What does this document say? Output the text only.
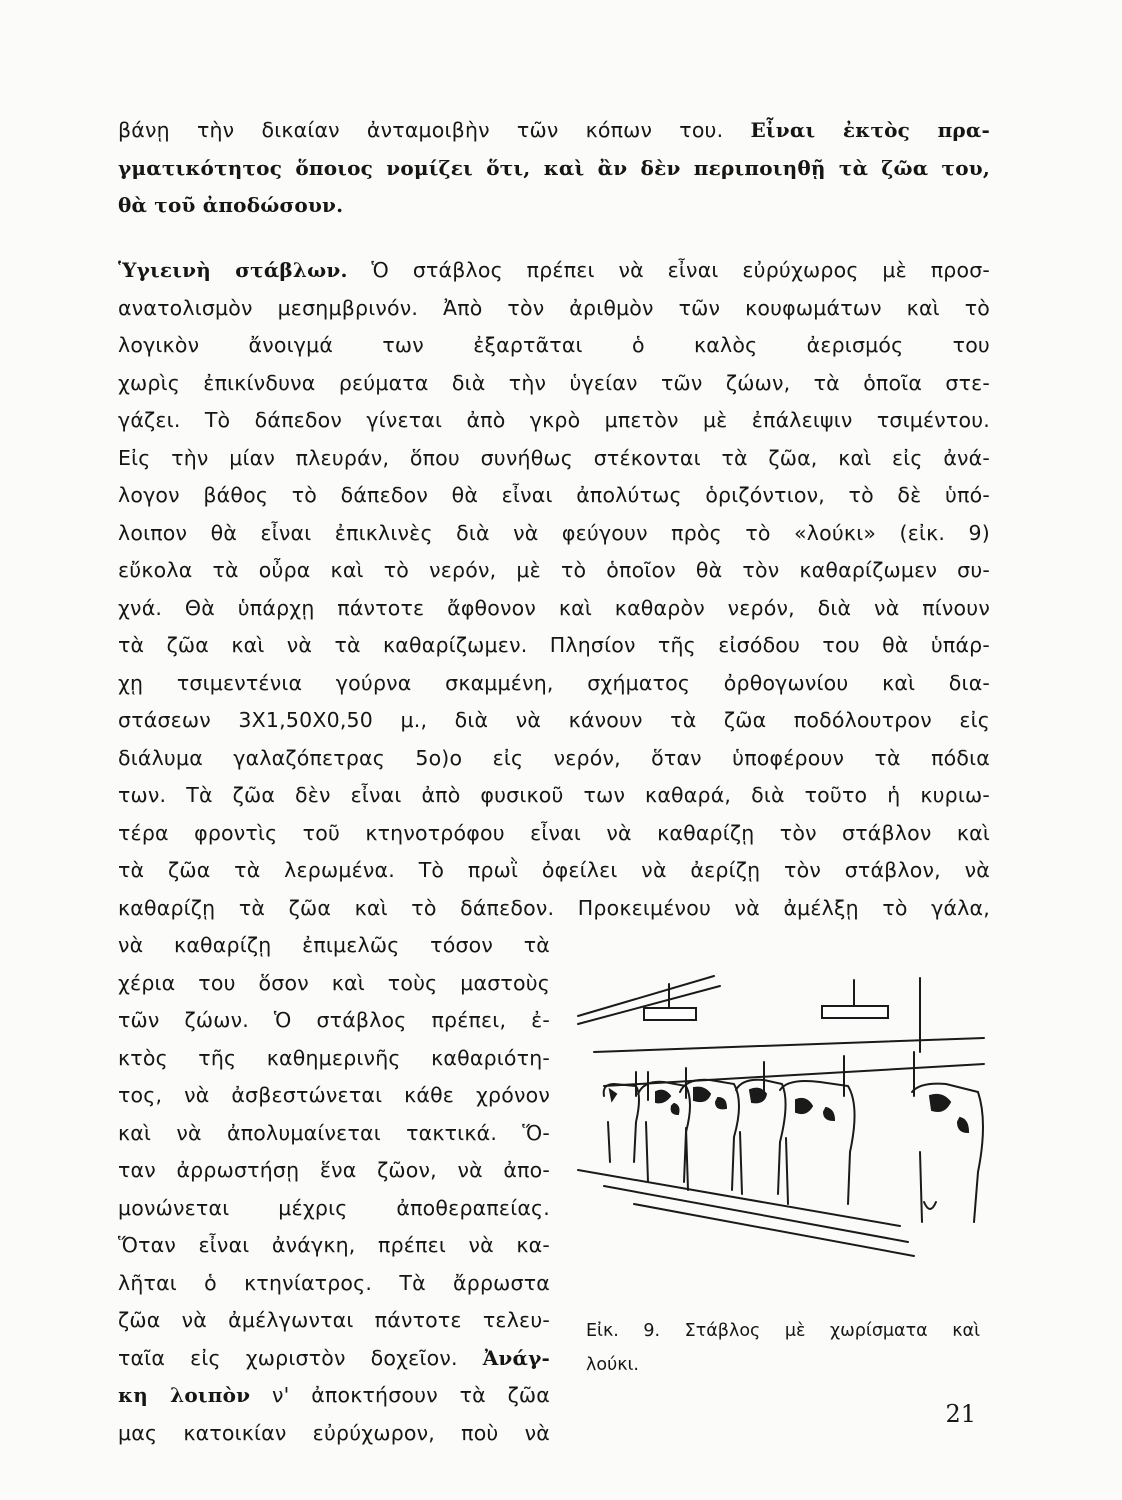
βάνῃ τὴν δικαίαν ἀνταμοιβὴν τῶν κόπων του. Εἶναι ἐκτὸς πρα-
γματικότητος ὅποιος νομίζει ὅτι, καὶ ἂν δὲν περιποιηθῇ τὰ ζῶα του,
θὰ τοῦ ἀποδώσουν.
Ὑγιεινὴ στάβλων. Ὁ στάβλος πρέπει νὰ εἶναι εὐρύχωρος μὲ προσ-
ανατολισμὸν μεσημβρινόν. Ἀπὸ τὸν ἀριθμὸν τῶν κουφωμάτων καὶ τὸ
λογικὸν ἄνοιγμά των ἐξαρτᾶται ὁ καλὸς ἀερισμός του
χωρὶς ἐπικίνδυνα ρεύματα διὰ τὴν ὑγείαν τῶν ζώων, τὰ ὁποῖα στε-
γάζει. Τὸ δάπεδον γίνεται ἀπὸ γκρὸ μπετὸν μὲ ἐπάλειψιν τσιμέντου.
Εἰς τὴν μίαν πλευράν, ὅπου συνήθως στέκονται τὰ ζῶα, καὶ εἰς ἀνά-
λογον βάθος τὸ δάπεδον θὰ εἶναι ἀπολύτως ὁριζόντιον, τὸ δὲ ὑπό-
λοιπον θὰ εἶναι ἐπικλινὲς διὰ νὰ φεύγουν πρὸς τὸ «λούκι» (εἰκ. 9)
εὔκολα τὰ οὖρα καὶ τὸ νερόν, μὲ τὸ ὁποῖον θὰ τὸν καθαρίζωμεν συ-
χνά. Θὰ ὑπάρχῃ πάντοτε ἄφθονον καὶ καθαρὸν νερόν, διὰ νὰ πίνουν
τὰ ζῶα καὶ νὰ τὰ καθαρίζωμεν. Πλησίον τῆς εἰσόδου του θὰ ὑπάρ-
χῃ τσιμεντένια γούρνα σκαμμένη, σχήματος ὀρθογωνίου καὶ δια-
στάσεων 3Χ1,50Χ0,50 μ., διὰ νὰ κάνουν τὰ ζῶα ποδόλουτρον εἰς
διάλυμα γαλαζόπετρας 5ο)ο εἰς νερόν, ὅταν ὑποφέρουν τὰ πόδια
των. Τὰ ζῶα δὲν εἶναι ἀπὸ φυσικοῦ των καθαρά, διὰ τοῦτο ἡ κυριω-
τέρα φροντὶς τοῦ κτηνοτρόφου εἶναι νὰ καθαρίζῃ τὸν στάβλον καὶ
τὰ ζῶα τὰ λερωμένα. Τὸ πρωῒ ὀφείλει νὰ ἀερίζῃ τὸν στάβλον, νὰ
καθαρίζῃ τὰ ζῶα καὶ τὸ δάπεδον. Προκειμένου νὰ ἀμέλξῃ τὸ γάλα,
νὰ καθαρίζῃ ἐπιμελῶς τόσον τὰ
χέρια του ὅσον καὶ τοὺς μαστοὺς
τῶν ζώων. Ὁ στάβλος πρέπει, ἐ-
κτὸς τῆς καθημερινῆς καθαριότη-
τος, νὰ ἀσβεστώνεται κάθε χρόνον
καὶ νὰ ἀπολυμαίνεται τακτικά. Ὅ-
ταν ἀρρωστήσῃ ἕνα ζῶον, νὰ ἀπο-
μονώνεται μέχρις ἀποθεραπείας.
Ὅταν εἶναι ἀνάγκη, πρέπει νὰ κα-
λῆται ὁ κτηνίατρος. Τὰ ἄρρωστα
ζῶα νὰ ἀμέλγωνται πάντοτε τελευ-
ταῖα εἰς χωριστὸν δοχεῖον. Ἀνάγ-
κη λοιπὸν ν' ἀποκτήσουν τὰ ζῶα
μας κατοικίαν εὐρύχωρον, ποὺ νὰ
Εἰκ. 9. Στάβλος μὲ χωρίσματα καὶ
λούκι.
21
